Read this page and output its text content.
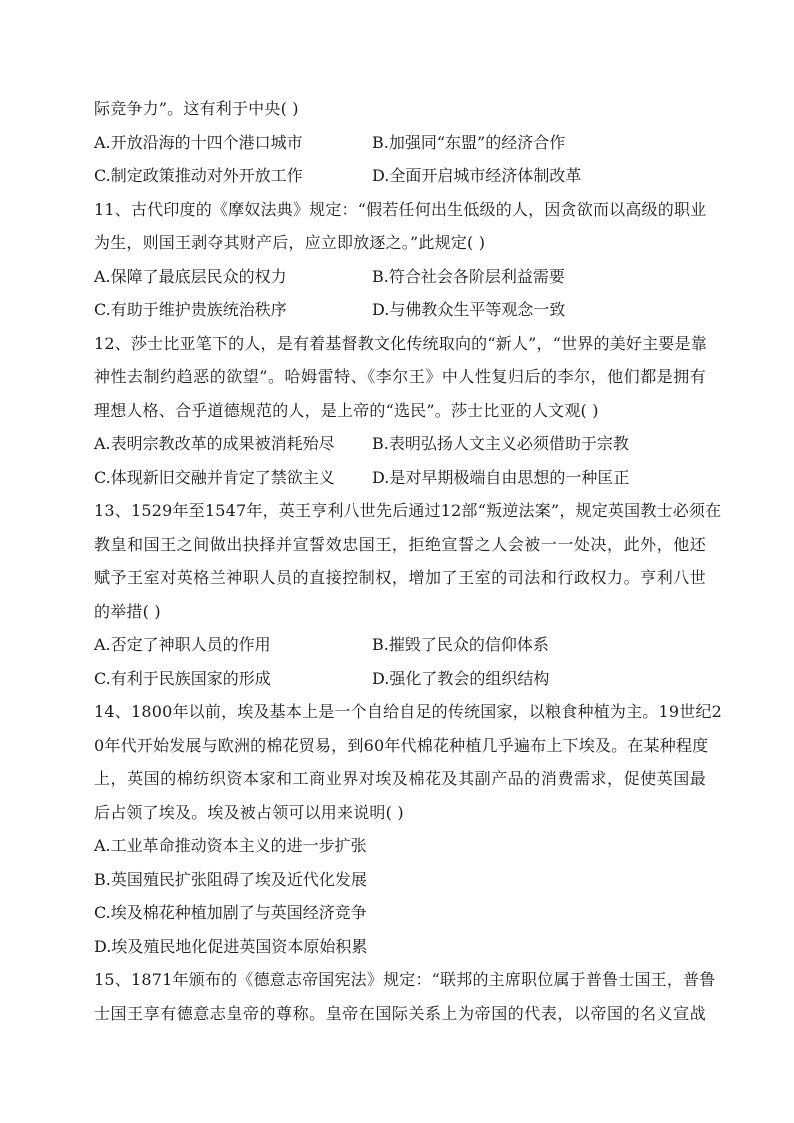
际竞争力”。这有利于中央( )
A.开放沿海的十四个港口城市	B.加强同“东盟”的经济合作
C.制定政策推动对外开放工作	D.全面开启城市经济体制改革
11、古代印度的《摩奴法典》规定：“假若任何出生低级的人，因贪欲而以高级的职业
为生，则国王剥夺其财产后，应立即放逐之。”此规定( )
A.保障了最底层民众的权力	B.符合社会各阶层利益需要
C.有助于维护贵族统治秩序	D.与佛教众生平等观念一致
12、莎士比亚笔下的人，是有着基督教文化传统取向的“新人”，“世界的美好主要是靠
神性去制约趋恶的欲望”。哈姆雷特、《李尔王》中人性复归后的李尔，他们都是拥有
理想人格、合乎道德规范的人，是上帝的“选民”。莎士比亚的人文观( )
A.表明宗教改革的成果被消耗殆尽	B.表明弘扬人文主义必须借助于宗教
C.体现新旧交融并肯定了禁欲主义	D.是对早期极端自由思想的一种匡正
13、1529年至1547年，英王亨利八世先后通过12部“叛逆法案”，规定英国教士必须在
教皇和国王之间做出抉择并宣誓效忠国王，拒绝宣誓之人会被一一处决，此外，他还
赋予王室对英格兰神职人员的直接控制权，增加了王室的司法和行政权力。亨利八世
的举措( )
A.否定了神职人员的作用	B.摧毁了民众的信仰体系
C.有利于民族国家的形成	D.强化了教会的组织结构
14、1800年以前，埃及基本上是一个自给自足的传统国家，以粮食种植为主。19世纪2
0年代开始发展与欧洲的棉花贸易，到60年代棉花种植几乎遍布上下埃及。在某种程度
上，英国的棉纺织资本家和工商业界对埃及棉花及其副产品的消费需求，促使英国最
后占领了埃及。埃及被占领可以用来说明( )
A.工业革命推动资本主义的进一步扩张
B.英国殖民扩张阻碍了埃及近代化发展
C.埃及棉花种植加剧了与英国经济竞争
D.埃及殖民地化促进英国资本原始积累
15、1871年颁布的《德意志帝国宪法》规定：“联邦的主席职位属于普鲁士国王，普鲁
士国王享有德意志皇帝的尊称。皇帝在国际关系上为帝国的代表，以帝国的名义宣战
